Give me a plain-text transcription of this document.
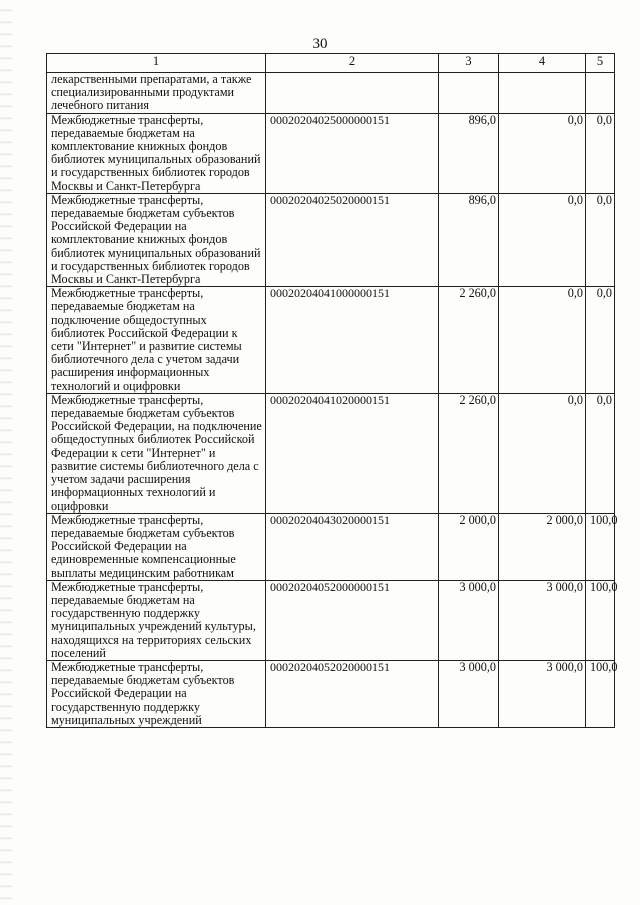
30
1	2	3	4	5
лекарственными препаратами, а также специализированными продуктами лечебного питания				
Межбюджетные трансферты, передаваемые бюджетам на комплектование книжных фондов библиотек муниципальных образований и государственных библиотек городов Москвы и Санкт-Петербурга	00020204025000000151	896,0	0,0	0,0
Межбюджетные трансферты, передаваемые бюджетам субъектов Российской Федерации на комплектование книжных фондов библиотек муниципальных образований и государственных библиотек городов Москвы и Санкт-Петербурга	00020204025020000151	896,0	0,0	0,0
Межбюджетные трансферты, передаваемые бюджетам на подключение общедоступных библиотек Российской Федерации к сети "Интернет" и развитие системы библиотечного дела с учетом задачи расширения информационных технологий и оцифровки	00020204041000000151	2 260,0	0,0	0,0
Межбюджетные трансферты, передаваемые бюджетам субъектов Российской Федерации, на подключение общедоступных библиотек Российской Федерации к сети "Интернет" и развитие системы библиотечного дела с учетом задачи расширения информационных технологий и оцифровки	00020204041020000151	2 260,0	0,0	0,0
Межбюджетные трансферты, передаваемые бюджетам субъектов Российской Федерации на единовременные компенсационные выплаты медицинским работникам	00020204043020000151	2 000,0	2 000,0	100,0
Межбюджетные трансферты, передаваемые бюджетам на государственную поддержку муниципальных учреждений культуры, находящихся на территориях сельских поселений	00020204052000000151	3 000,0	3 000,0	100,0
Межбюджетные трансферты, передаваемые бюджетам субъектов Российской Федерации на государственную поддержку муниципальных учреждений	00020204052020000151	3 000,0	3 000,0	100,0
